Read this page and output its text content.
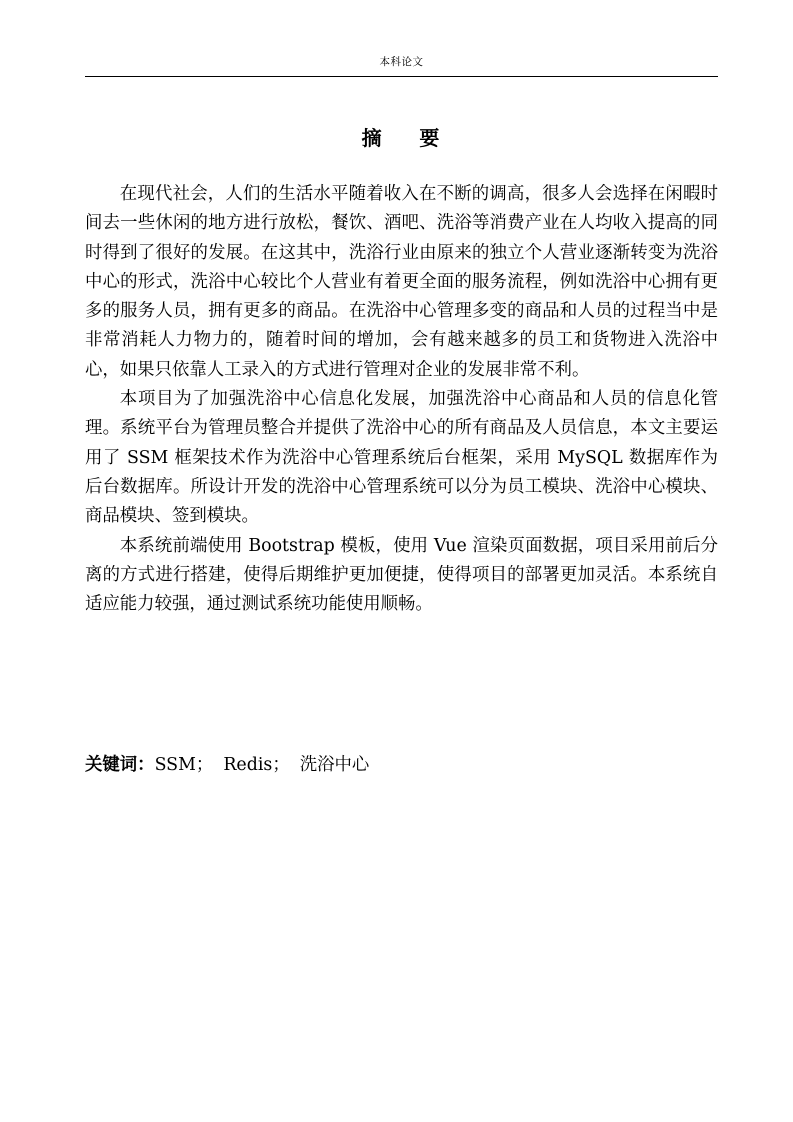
本科论文
摘    要

在现代社会，人们的生活水平随着收入在不断的调高，很多人会选择在闲暇时间去一些休闲的地方进行放松，餐饮、酒吧、洗浴等消费产业在人均收入提高的同时得到了很好的发展。在这其中，洗浴行业由原来的独立个人营业逐渐转变为洗浴中心的形式，洗浴中心较比个人营业有着更全面的服务流程，例如洗浴中心拥有更多的服务人员，拥有更多的商品。在洗浴中心管理多变的商品和人员的过程当中是非常消耗人力物力的，随着时间的增加，会有越来越多的员工和货物进入洗浴中心，如果只依靠人工录入的方式进行管理对企业的发展非常不利。

本项目为了加强洗浴中心信息化发展，加强洗浴中心商品和人员的信息化管理。系统平台为管理员整合并提供了洗浴中心的所有商品及人员信息，本文主要运用了 SSM 框架技术作为洗浴中心管理系统后台框架，采用 MySQL 数据库作为后台数据库。所设计开发的洗浴中心管理系统可以分为员工模块、洗浴中心模块、商品模块、签到模块。

本系统前端使用 Bootstrap 模板，使用 Vue 渲染页面数据，项目采用前后分离的方式进行搭建，使得后期维护更加便捷，使得项目的部署更加灵活。本系统自适应能力较强，通过测试系统功能使用顺畅。

关键词：SSM； Redis； 洗浴中心
